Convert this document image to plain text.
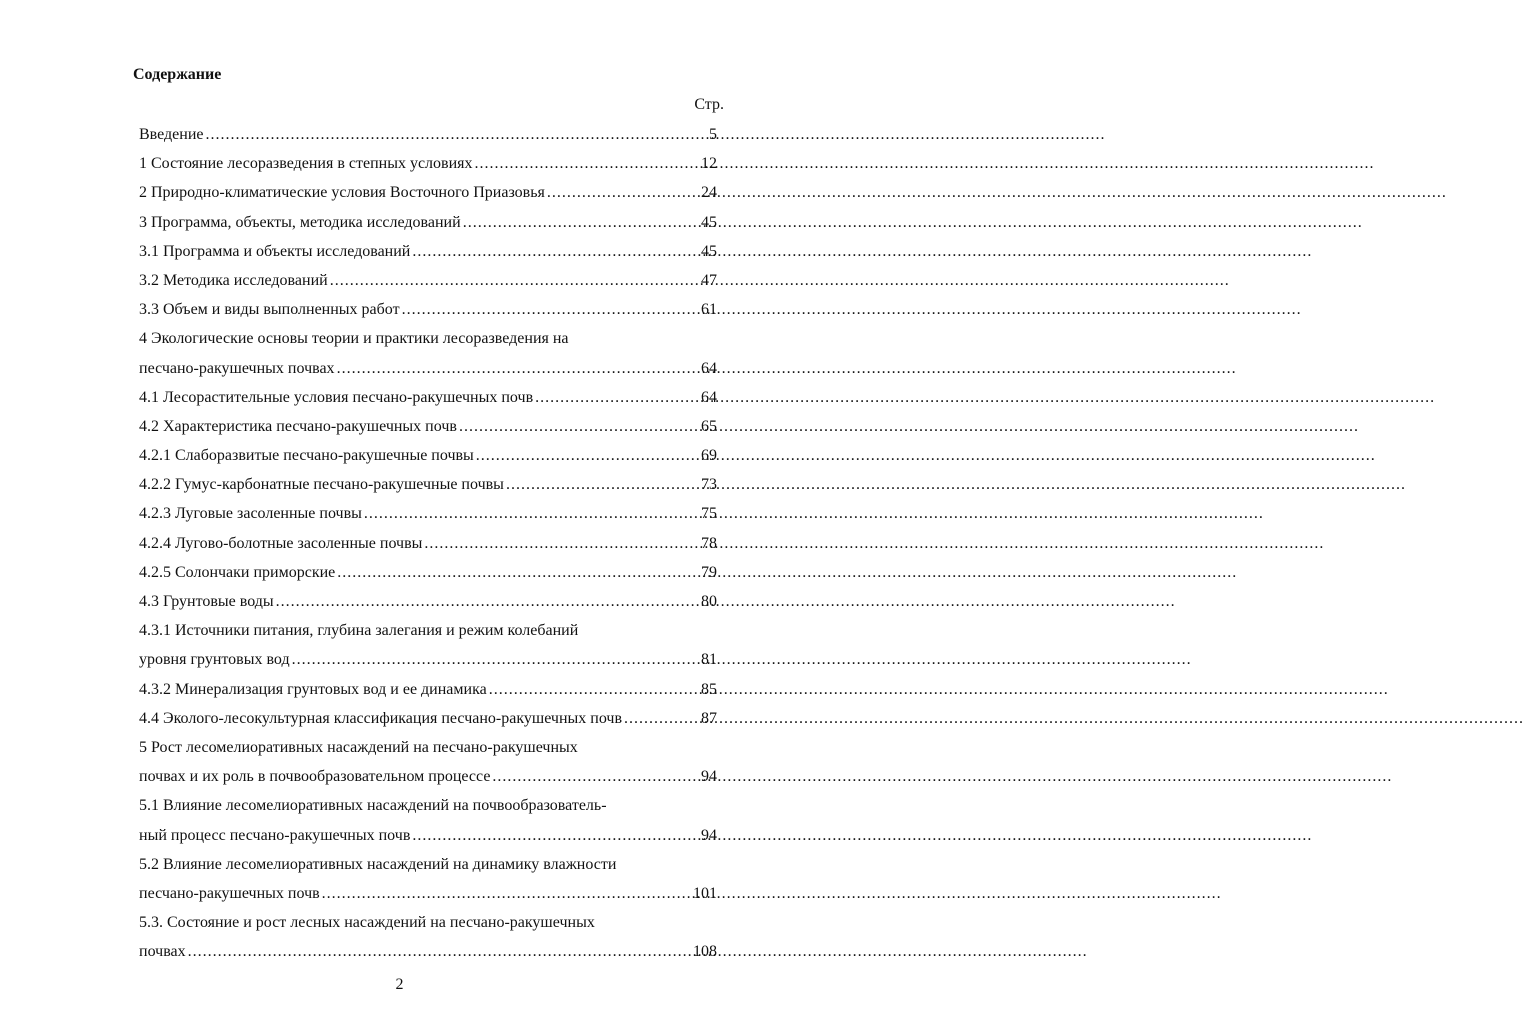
Содержание
Стр.
Введение .....	5
1 Состояние лесоразведения в степных условиях .....	12
2 Природно-климатические условия Восточного Приазовья .....	24
3 Программа, объекты, методика исследований .....	45
3.1 Программа и объекты исследований .....	45
3.2 Методика исследований .....	47
3.3 Объем и виды выполненных работ .....	61
4 Экологические основы теории и практики лесоразведения на
песчано-ракушечных почвах .....	64
4.1 Лесорастительные условия песчано-ракушечных почв .....	64
4.2 Характеристика песчано-ракушечных почв .....	65
4.2.1 Слаборазвитые песчано-ракушечные почвы .....	69
4.2.2 Гумус-карбонатные песчано-ракушечные почвы .....	73
4.2.3 Луговые засоленные почвы .....	75
4.2.4 Лугово-болотные засоленные почвы .....	78
4.2.5 Солончаки приморские .....	79
4.3 Грунтовые воды .....	80
4.3.1 Источники питания, глубина залегания и режим колебаний
уровня грунтовых вод .....	81
4.3.2 Минерализация грунтовых вод и ее динамика .....	85
4.4 Эколого-лесокультурная классификация песчано-ракушечных почв .....	87
5 Рост лесомелиоративных насаждений на песчано-ракушечных
почвах и их роль в почвообразовательном процессе .....	94
5.1 Влияние лесомелиоративных насаждений на почвообразователь-
ный процесс песчано-ракушечных почв .....	94
5.2 Влияние лесомелиоративных насаждений на динамику влажности
песчано-ракушечных почв .....	101
5.3. Состояние и рост лесных насаждений на песчано-ракушечных
почвах .....	108
2
